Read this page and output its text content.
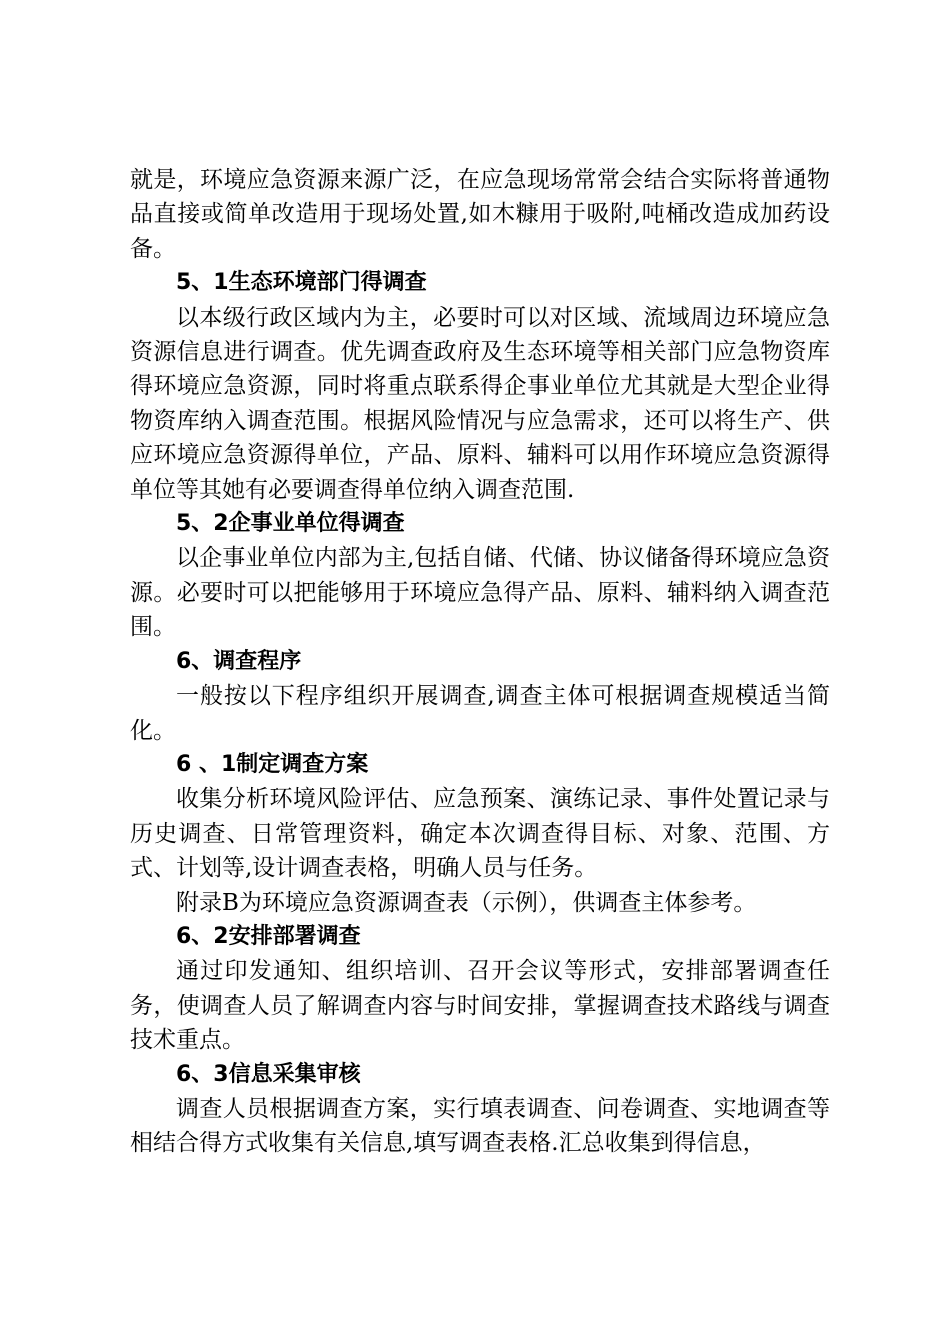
就是，环境应急资源来源广泛，在应急现场常常会结合实际将普通物品直接或简单改造用于现场处置,如木糠用于吸附,吨桶改造成加药设备。

5、1生态环境部门得调查

以本级行政区域内为主，必要时可以对区域、流域周边环境应急资源信息进行调查。优先调查政府及生态环境等相关部门应急物资库得环境应急资源，同时将重点联系得企事业单位尤其就是大型企业得物资库纳入调查范围。根据风险情况与应急需求，还可以将生产、供应环境应急资源得单位，产品、原料、辅料可以用作环境应急资源得单位等其她有必要调查得单位纳入调查范围.

5、2企事业单位得调查

以企事业单位内部为主,包括自储、代储、协议储备得环境应急资源。必要时可以把能够用于环境应急得产品、原料、辅料纳入调查范围。

6、调查程序

一般按以下程序组织开展调查,调查主体可根据调查规模适当简化。

6 、1制定调查方案

收集分析环境风险评估、应急预案、演练记录、事件处置记录与历史调查、日常管理资料，确定本次调查得目标、对象、范围、方式、计划等,设计调查表格，明确人员与任务。

附录B为环境应急资源调查表（示例），供调查主体参考。

6、2安排部署调查

通过印发通知、组织培训、召开会议等形式，安排部署调查任务，使调查人员了解调查内容与时间安排，掌握调查技术路线与调查技术重点。

6、3信息采集审核

调查人员根据调查方案，实行填表调查、问卷调查、实地调查等相结合得方式收集有关信息,填写调查表格.汇总收集到得信息，
